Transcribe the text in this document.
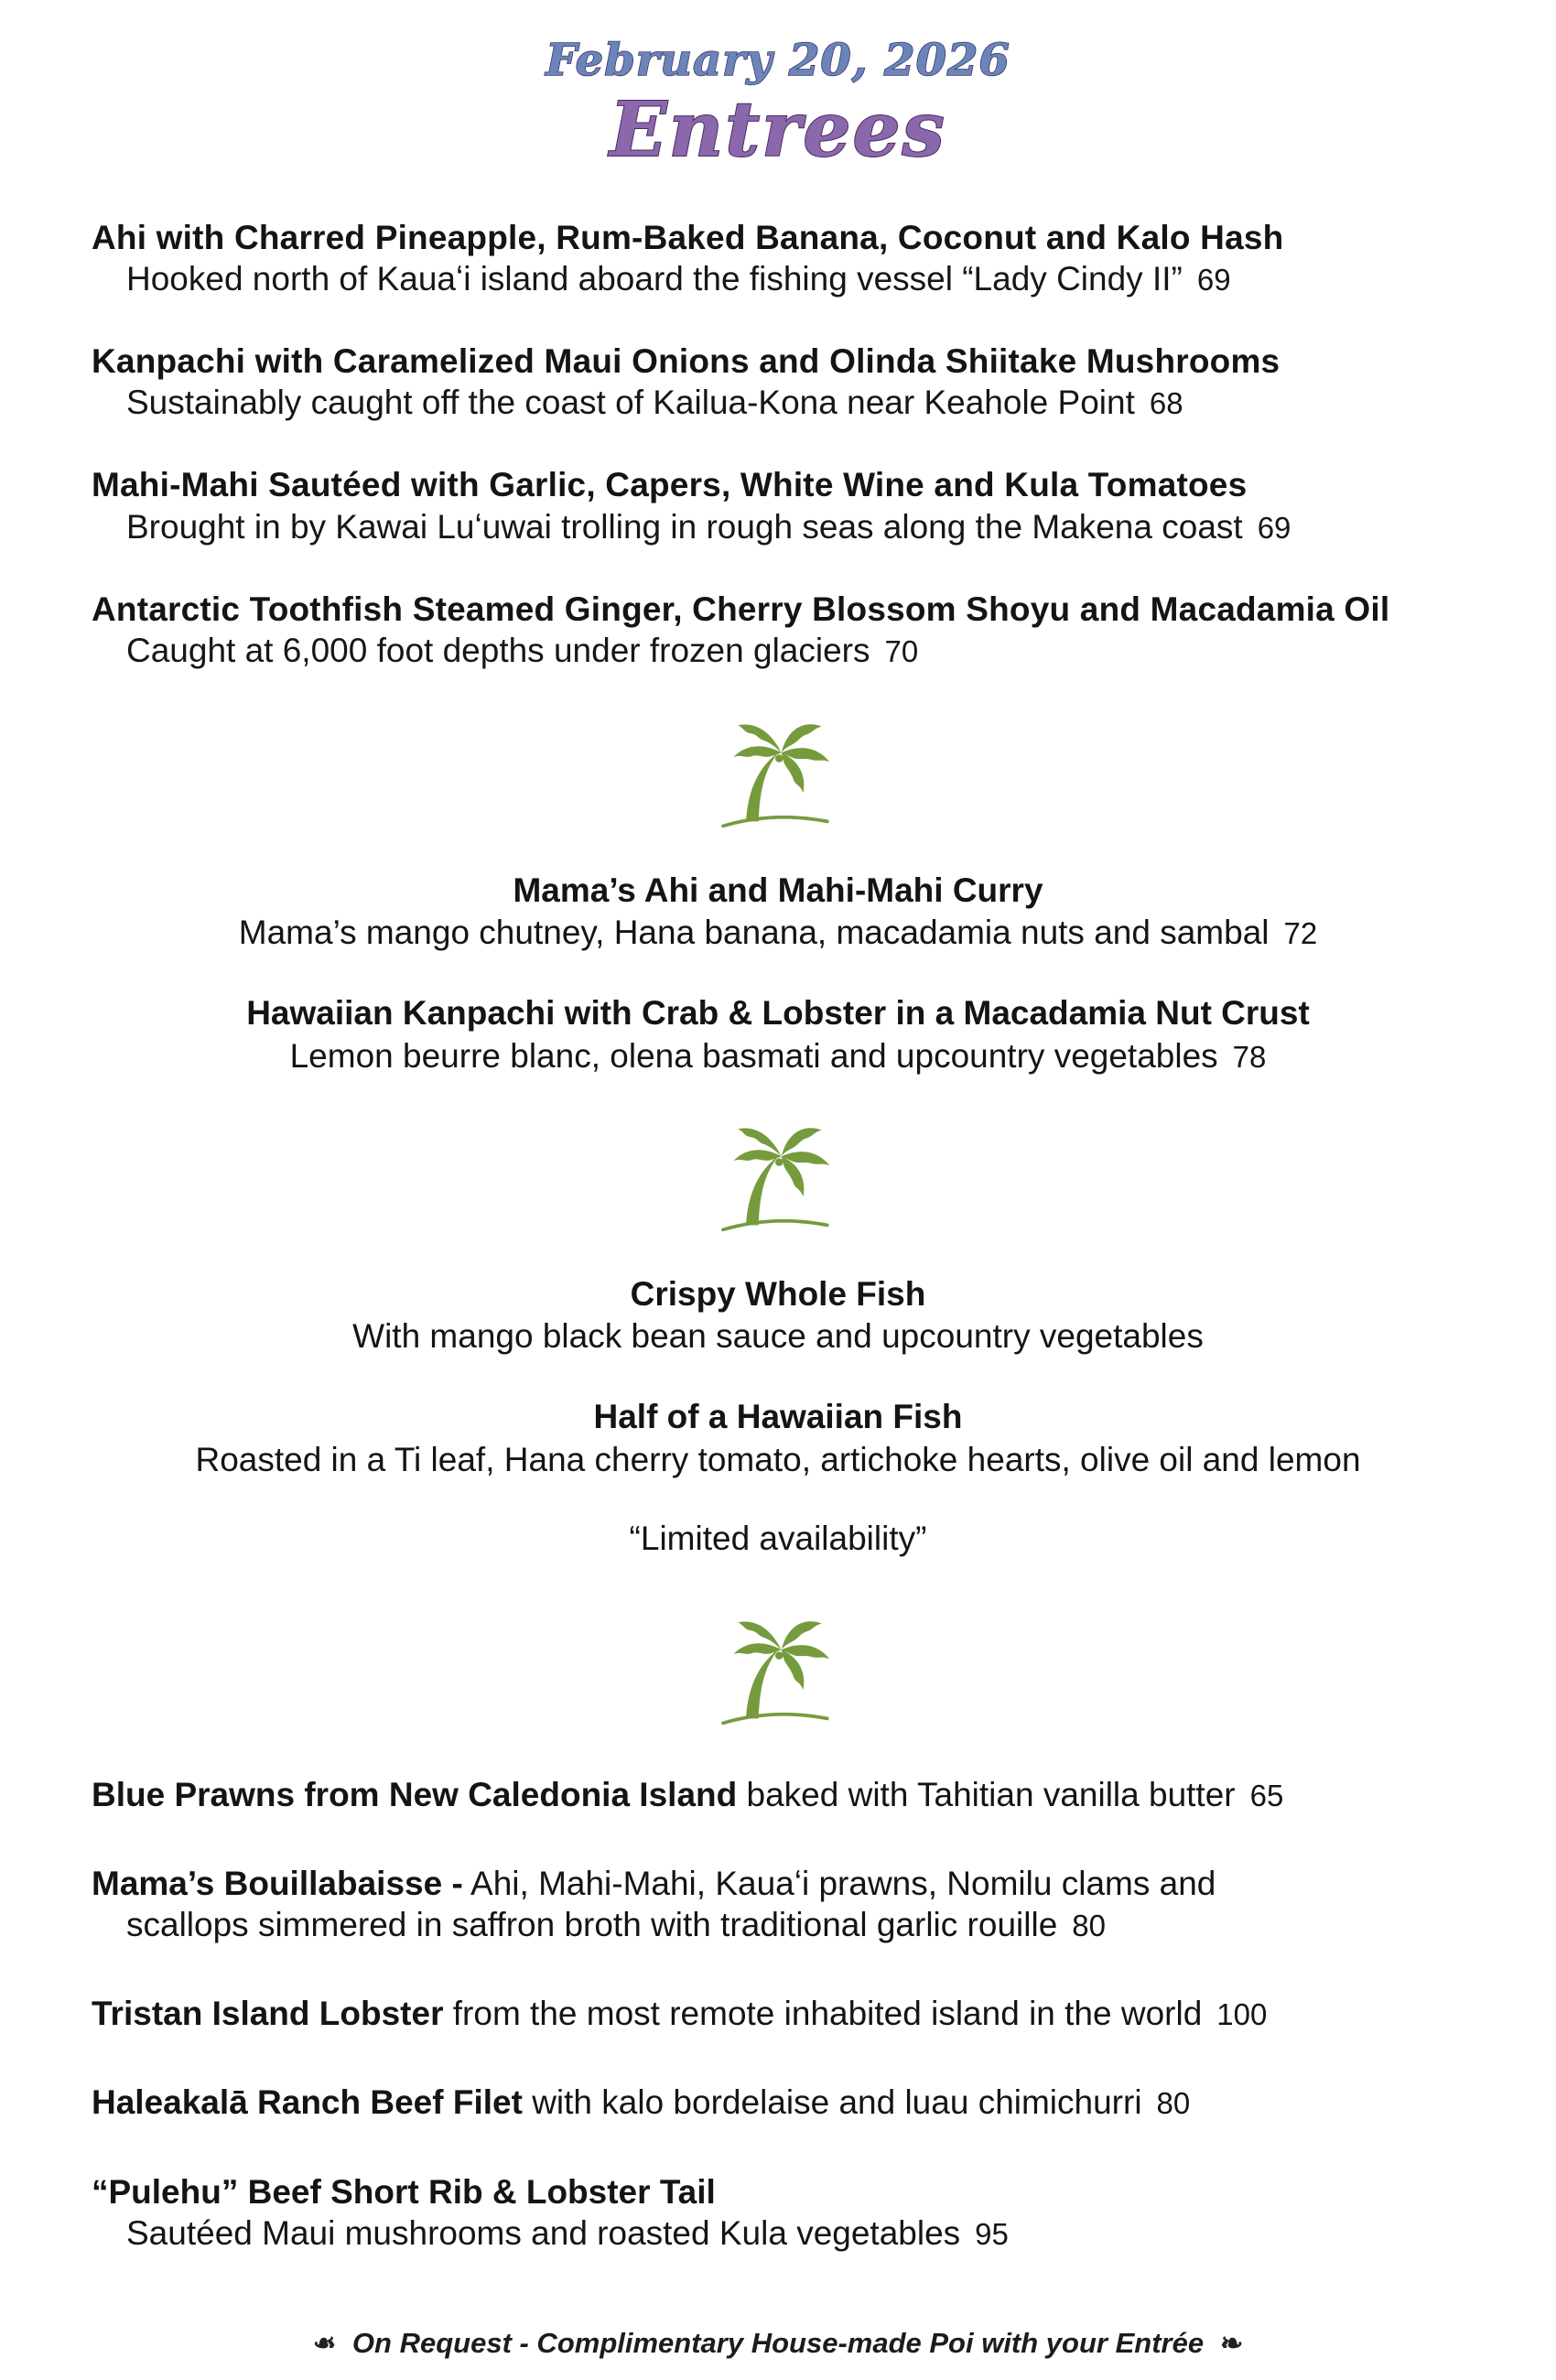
February 20, 2026
Entrees
Ahi with Charred Pineapple, Rum-Baked Banana, Coconut and Kalo Hash
Hooked north of Kauaʻi island aboard the fishing vessel “Lady Cindy II” 69
Kanpachi with Caramelized Maui Onions and Olinda Shiitake Mushrooms
Sustainably caught off the coast of Kailua-Kona near Keahole Point 68
Mahi-Mahi Sautéed with Garlic, Capers, White Wine and Kula Tomatoes
Brought in by Kawai Luʻuwai trolling in rough seas along the Makena coast 69
Antarctic Toothfish Steamed Ginger, Cherry Blossom Shoyu and Macadamia Oil
Caught at 6,000 foot depths under frozen glaciers 70
Mama’s Ahi and Mahi-Mahi Curry
Mama’s mango chutney, Hana banana, macadamia nuts and sambal 72
Hawaiian Kanpachi with Crab & Lobster in a Macadamia Nut Crust
Lemon beurre blanc, olena basmati and upcountry vegetables 78
Crispy Whole Fish
With mango black bean sauce and upcountry vegetables
Half of a Hawaiian Fish
Roasted in a Ti leaf, Hana cherry tomato, artichoke hearts, olive oil and lemon
“Limited availability”
Blue Prawns from New Caledonia Island baked with Tahitian vanilla butter 65
Mama’s Bouillabaisse - Ahi, Mahi-Mahi, Kauaʻi prawns, Nomilu clams and
scallops simmered in saffron broth with traditional garlic rouille 80
Tristan Island Lobster from the most remote inhabited island in the world 100
Haleakalā Ranch Beef Filet with kalo bordelaise and luau chimichurri 80
“Pulehu” Beef Short Rib & Lobster Tail
Sautéed Maui mushrooms and roasted Kula vegetables 95
❧ On Request - Complimentary House-made Poi with your Entrée ❧
